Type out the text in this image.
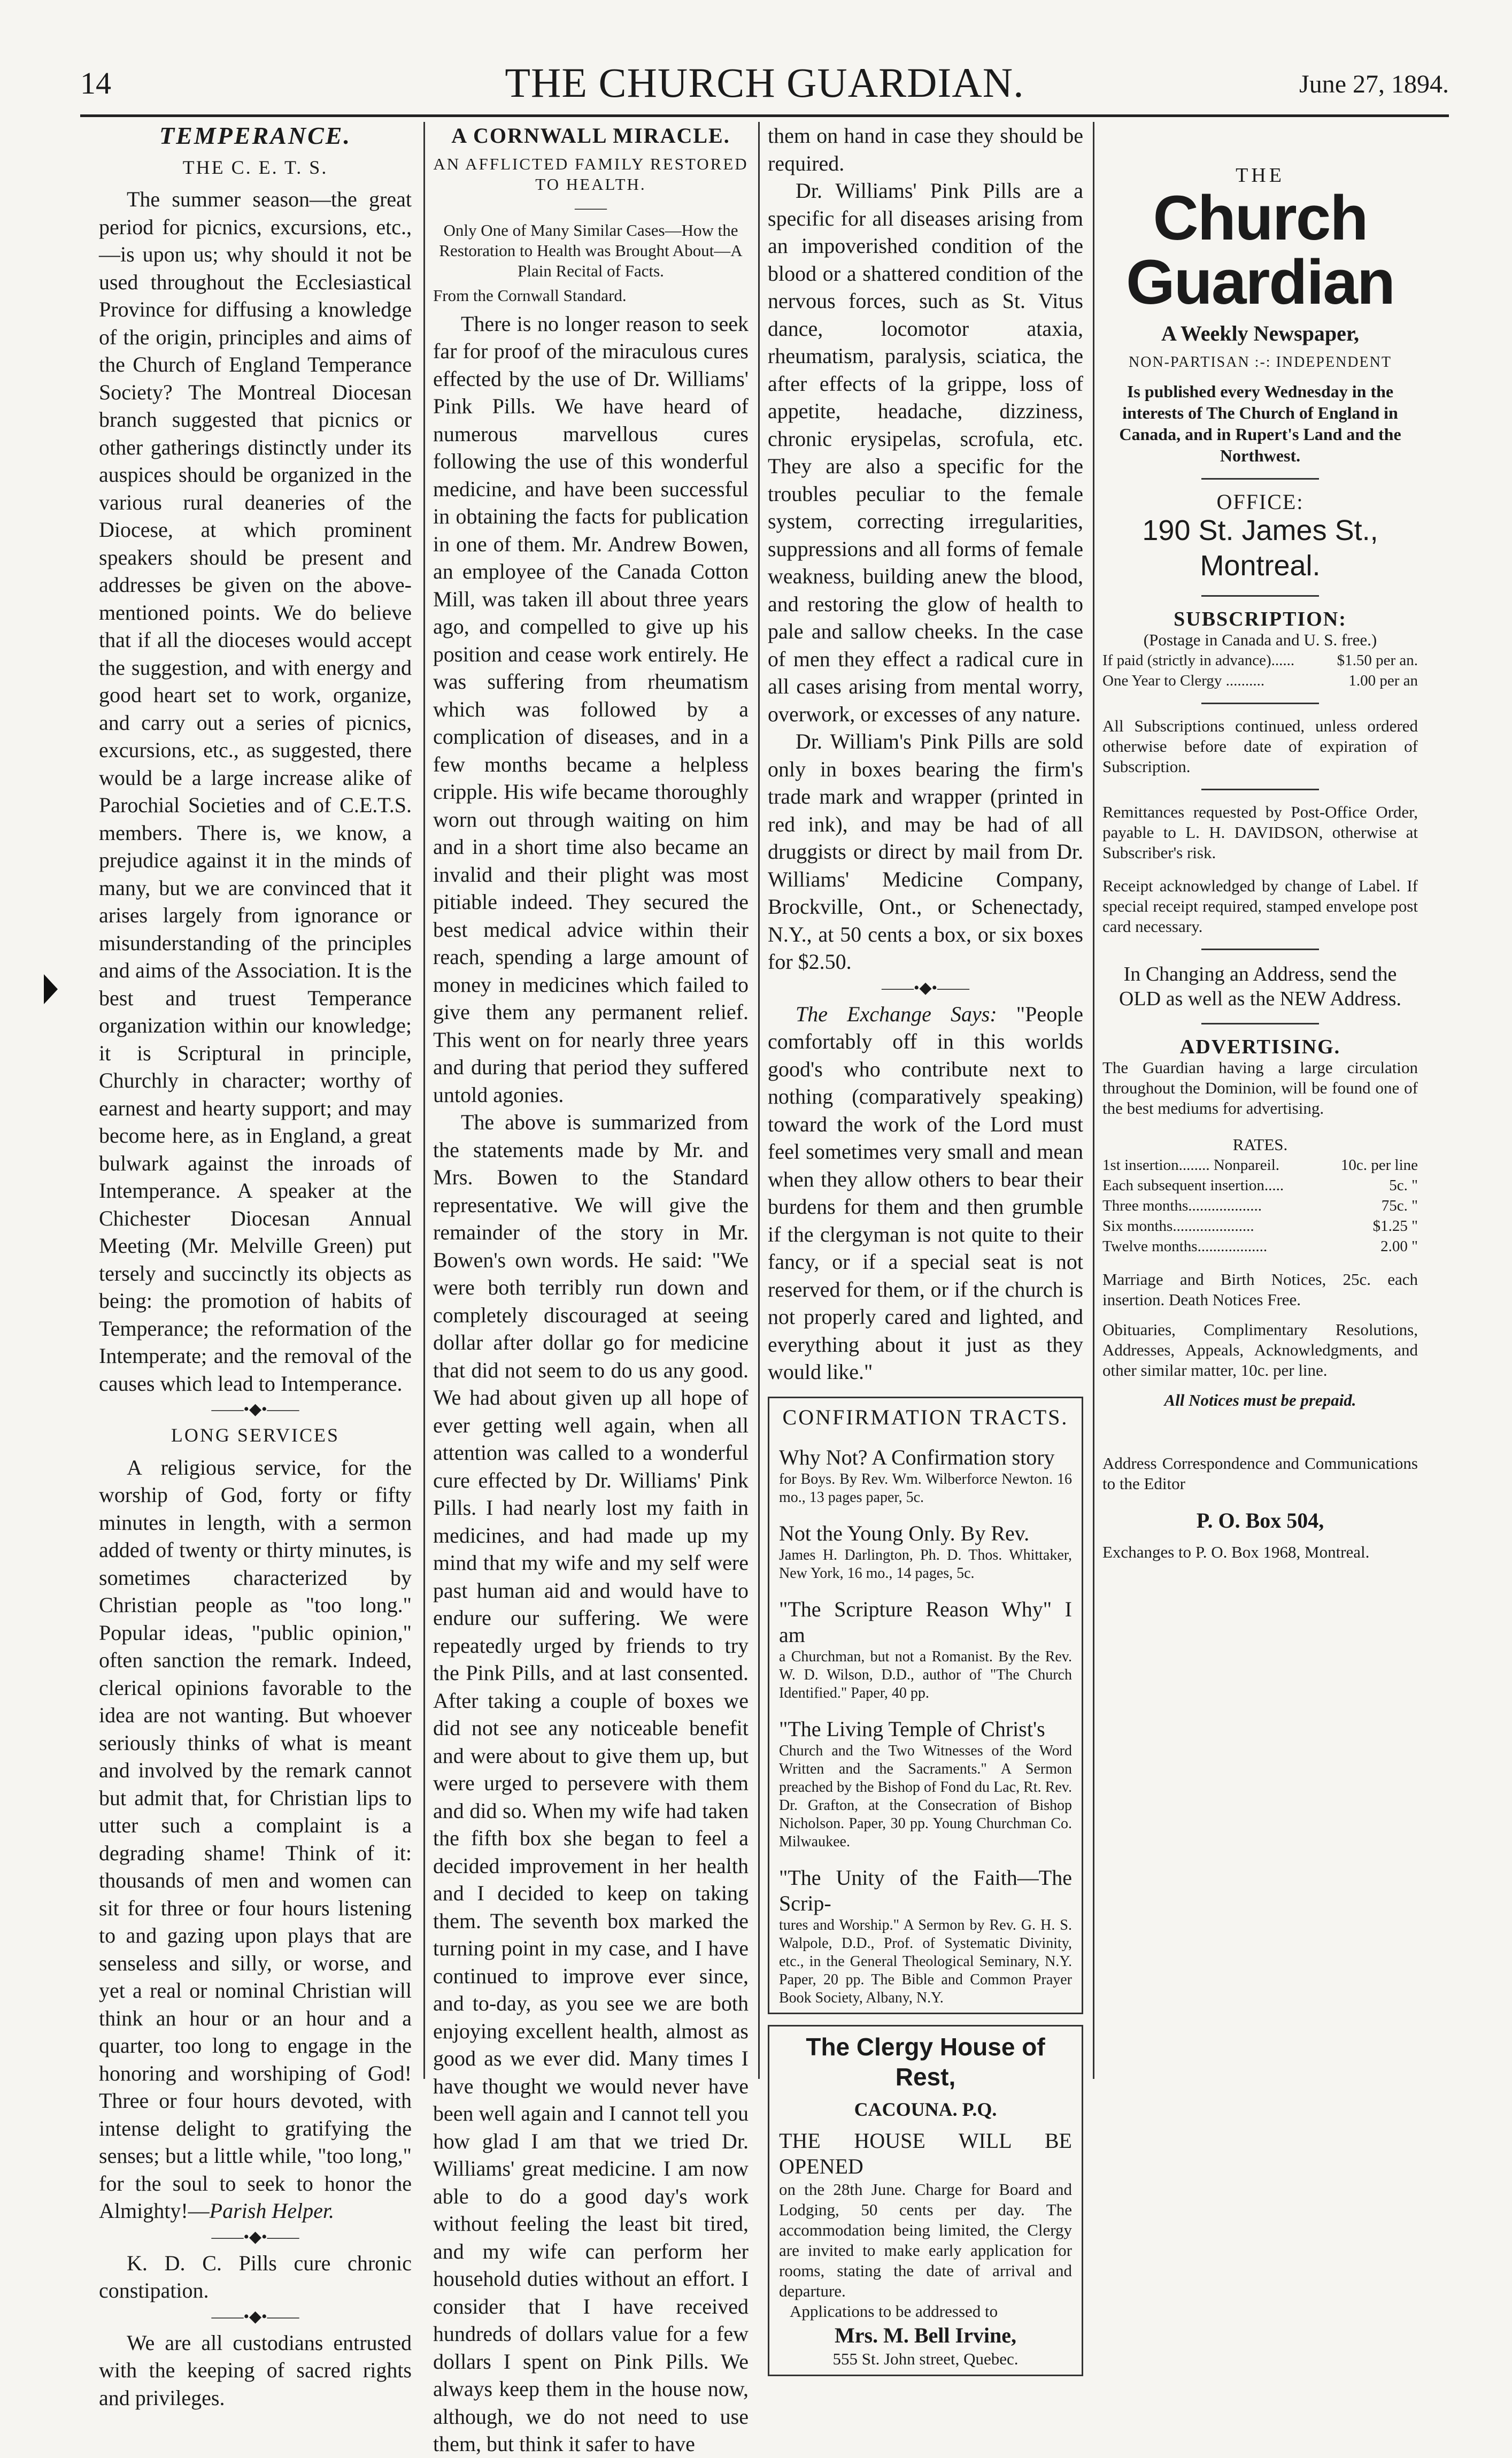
14	THE CHURCH GUARDIAN.	June 27, 1894.
TEMPERANCE.
THE C. E. T. S.

The summer season—the great period for picnics, excursions, etc.,—is upon us; why should it not be used throughout the Ecclesiastical Province for diffusing a knowledge of the origin, principles and aims of the Church of England Temperance Society? The Montreal Diocesan branch suggested that picnics or other gatherings distinctly under its auspices should be organized in the various rural deaneries of the Diocese, at which prominent speakers should be present and addresses be given on the above-mentioned points. We do believe that if all the dioceses would accept the suggestion, and with energy and good heart set to work, organize, and carry out a series of picnics, excursions, etc., as suggested, there would be a large increase alike of Parochial Societies and of C.E.T.S. members. There is, we know, a prejudice against it in the minds of many, but we are convinced that it arises largely from ignorance or misunderstanding of the principles and aims of the Association. It is the best and truest Temperance organization within our knowledge; it is Scriptural in principle, Churchly in character; worthy of earnest and hearty support; and may become here, as in England, a great bulwark against the inroads of Intemperance. A speaker at the Chichester Diocesan Annual Meeting (Mr. Melville Green) put tersely and succinctly its objects as being: the promotion of habits of Temperance; the reformation of the Intemperate; and the removal of the causes which lead to Intemperance.

——•◆•——
LONG SERVICES

A religious service, for the worship of God, forty or fifty minutes in length, with a sermon added of twenty or thirty minutes, is sometimes characterized by Christian people as "too long." Popular ideas, "public opinion," often sanction the remark. Indeed, clerical opinions favorable to the idea are not wanting. But whoever seriously thinks of what is meant and involved by the remark cannot but admit that, for Christian lips to utter such a complaint is a degrading shame! Think of it: thousands of men and women can sit for three or four hours listening to and gazing upon plays that are senseless and silly, or worse, and yet a real or nominal Christian will think an hour or an hour and a quarter, too long to engage in the honoring and worshiping of God! Three or four hours devoted, with intense delight to gratifying the senses; but a little while, "too long," for the soul to seek to honor the Almighty!—Parish Helper.

——•◆•——

K. D. C. Pills cure chronic constipation.

——•◆•——

We are all custodians entrusted with the keeping of sacred rights and privileges.

A CORNWALL MIRACLE.
AN AFFLICTED FAMILY RESTORED TO HEALTH.
——
Only One of Many Similar Cases—How the Restoration to Health was Brought About—A Plain Recital of Facts.
From the Cornwall Standard.

There is no longer reason to seek far for proof of the miraculous cures effected by the use of Dr. Williams' Pink Pills. We have heard of numerous marvellous cures following the use of this wonderful medicine, and have been successful in obtaining the facts for publication in one of them. Mr. Andrew Bowen, an employee of the Canada Cotton Mill, was taken ill about three years ago, and compelled to give up his position and cease work entirely. He was suffering from rheumatism which was followed by a complication of diseases, and in a few months became a helpless cripple. His wife became thoroughly worn out through waiting on him and in a short time also became an invalid and their plight was most pitiable indeed. They secured the best medical advice within their reach, spending a large amount of money in medicines which failed to give them any permanent relief. This went on for nearly three years and during that period they suffered untold agonies.

The above is summarized from the statements made by Mr. and Mrs. Bowen to the Standard representative. We will give the remainder of the story in Mr. Bowen's own words. He said: "We were both terribly run down and completely discouraged at seeing dollar after dollar go for medicine that did not seem to do us any good. We had about given up all hope of ever getting well again, when all attention was called to a wonderful cure effected by Dr. Williams' Pink Pills. I had nearly lost my faith in medicines, and had made up my mind that my wife and my self were past human aid and would have to endure our suffering. We were repeatedly urged by friends to try the Pink Pills, and at last consented. After taking a couple of boxes we did not see any noticeable benefit and were about to give them up, but were urged to persevere with them and did so. When my wife had taken the fifth box she began to feel a decided improvement in her health and I decided to keep on taking them. The seventh box marked the turning point in my case, and I have continued to improve ever since, and to-day, as you see we are both enjoying excellent health, almost as good as we ever did. Many times I have thought we would never have been well again and I cannot tell you how glad I am that we tried Dr. Williams' great medicine. I am now able to do a good day's work without feeling the least bit tired, and my wife can perform her household duties without an effort. I consider that I have received hundreds of dollars value for a few dollars I spent on Pink Pills. We always keep them in the house now, although, we do not need to use them, but think it safer to have

them on hand in case they should be required.

Dr. Williams' Pink Pills are a specific for all diseases arising from an impoverished condition of the blood or a shattered condition of the nervous forces, such as St. Vitus dance, locomotor ataxia, rheumatism, paralysis, sciatica, the after effects of la grippe, loss of appetite, headache, dizziness, chronic erysipelas, scrofula, etc. They are also a specific for the troubles peculiar to the female system, correcting irregularities, suppressions and all forms of female weakness, building anew the blood, and restoring the glow of health to pale and sallow cheeks. In the case of men they effect a radical cure in all cases arising from mental worry, overwork, or excesses of any nature.

Dr. William's Pink Pills are sold only in boxes bearing the firm's trade mark and wrapper (printed in red ink), and may be had of all druggists or direct by mail from Dr. Williams' Medicine Company, Brockville, Ont., or Schenectady, N.Y., at 50 cents a box, or six boxes for $2.50.

——•◆•——

The Exchange Says: "People comfortably off in this worlds good's who contribute next to nothing (comparatively speaking) toward the work of the Lord must feel sometimes very small and mean when they allow others to bear their burdens for them and then grumble if the clergyman is not quite to their fancy, or if a special seat is not reserved for them, or if the church is not properly cared and lighted, and everything about it just as they would like."

CONFIRMATION TRACTS.
Why Not? A Confirmation story
for Boys. By Rev. Wm. Wilberforce Newton. 16 mo., 13 pages paper, 5c.
Not the Young Only. By Rev.
James H. Darlington, Ph. D. Thos. Whittaker, New York, 16 mo., 14 pages, 5c.
"The Scripture Reason Why" I am
a Churchman, but not a Romanist. By the Rev. W. D. Wilson, D.D., author of "The Church Identified." Paper, 40 pp.
"The Living Temple of Christ's
Church and the Two Witnesses of the Word Written and the Sacraments." A Sermon preached by the Bishop of Fond du Lac, Rt. Rev. Dr. Grafton, at the Consecration of Bishop Nicholson. Paper, 30 pp. Young Churchman Co. Milwaukee.
"The Unity of the Faith—The Scrip-
tures and Worship." A Sermon by Rev. G. H. S. Walpole, D.D., Prof. of Systematic Divinity, etc., in the General Theological Seminary, N.Y. Paper, 20 pp. The Bible and Common Prayer Book Society, Albany, N.Y.
The Clergy House of Rest,
CACOUNA. P.Q.
THE HOUSE WILL BE OPENED
on the 28th June. Charge for Board and Lodging, 50 cents per day. The accommodation being limited, the Clergy are invited to make early application for rooms, stating the date of arrival and departure.
Applications to be addressed to
Mrs. M. Bell Irvine,
555 St. John street, Quebec.
THE
Church Guardian
A Weekly Newspaper,
NON-PARTISAN :-: INDEPENDENT
Is published every Wednesday in the interests of The Church of England in Canada, and in Rupert's Land and the Northwest.
OFFICE:
190 St. James St., Montreal.
SUBSCRIPTION:
(Postage in Canada and U. S. free.)
If paid (strictly in advance)......	$1.50 per an.
One Year to Clergy ..........	1.00 per an
All Subscriptions continued, unless ordered otherwise before date of expiration of Subscription.
Remittances requested by Post-Office Order, payable to L. H. DAVIDSON, otherwise at Subscriber's risk.
Receipt acknowledged by change of Label. If special receipt required, stamped envelope post card necessary.
In Changing an Address, send the OLD as well as the NEW Address.
ADVERTISING.
The Guardian having a large circulation throughout the Dominion, will be found one of the best mediums for advertising.
RATES.
1st insertion........ Nonpareil.	10c. per line
Each subsequent insertion.....	5c. "
Three months...................	75c. "
Six months.....................	$1.25 "
Twelve months..................	2.00 "
Marriage and Birth Notices, 25c. each insertion. Death Notices Free.
Obituaries, Complimentary Resolutions, Addresses, Appeals, Acknowledgments, and other similar matter, 10c. per line.
All Notices must be prepaid.
Address Correspondence and Communications to the Editor
P. O. Box 504,
Exchanges to P. O. Box 1968, Montreal.
